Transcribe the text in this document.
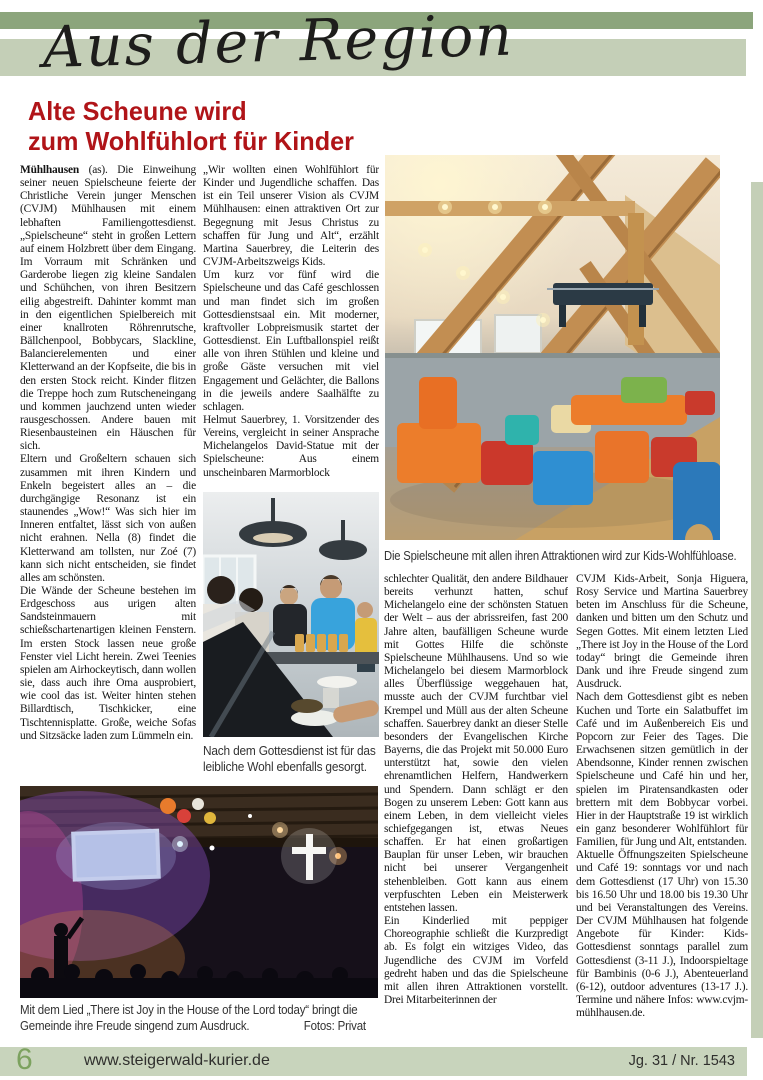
Aus der Region
Alte Scheune wird
zum Wohlfühlort für Kinder

Mühlhausen (as). Die Einweihung seiner neuen Spielscheune feierte der Christliche Verein junger Menschen (CVJM) Mühlhausen mit einem lebhaften Familiengottesdienst. „Spielscheune“ steht in großen Lettern auf einem Holzbrett über dem Eingang. Im Vorraum mit Schränken und Garderobe liegen zig kleine Sandalen und Schühchen, von ihren Besitzern eilig abgestreift. Dahinter kommt man in den eigentlichen Spielbereich mit einer knallroten Röhrenrutsche, Bällchenpool, Bobbycars, Slackline, Balancierelementen und einer Kletterwand an der Kopfseite, die bis in den ersten Stock reicht. Kinder flitzen die Treppe hoch zum Rutscheneingang und kommen jauchzend unten wieder rausgeschossen. Andere bauen mit Riesenbausteinen ein Häuschen für sich.

Eltern und Großeltern schauen sich zusammen mit ihren Kindern und Enkeln begeistert alles an – die durchgängige Resonanz ist ein staunendes „Wow!“ Was sich hier im Inneren entfaltet, lässt sich von außen nicht erahnen. Nella (8) findet die Kletterwand am tollsten, nur Zoé (7) kann sich nicht entscheiden, sie findet alles am schönsten.

Die Wände der Scheune bestehen im Erdgeschoss aus urigen alten Sandsteinmauern mit schießschartenartigen kleinen Fenstern. Im ersten Stock lassen neue große Fenster viel Licht herein. Zwei Teenies spielen am Airhockeytisch, dann wollen sie, dass auch ihre Oma ausprobiert, wie cool das ist. Weiter hinten stehen Billardtisch, Tischkicker, eine Tischtennisplatte. Große, weiche Sofas und Sitzsäcke laden zum Lümmeln ein.

„Wir wollten einen Wohlfühlort für Kinder und Jugendliche schaffen. Das ist ein Teil unserer Vision als CVJM Mühlhausen: einen attraktiven Ort zur Begegnung mit Jesus Christus zu schaffen für Jung und Alt“, erzählt Martina Sauerbrey, die Leiterin des CVJM-Arbeitszweigs Kids.

Um kurz vor fünf wird die Spielscheune und das Café geschlossen und man findet sich im großen Gottesdienstsaal ein. Mit moderner, kraftvoller Lobpreismusik startet der Gottesdienst. Ein Luftballonspiel reißt alle von ihren Stühlen und kleine und große Gäste versuchen mit viel Engagement und Gelächter, die Ballons in die jeweils andere Saalhälfte zu schlagen.

Helmut Sauerbrey, 1. Vorsitzender des Vereins, vergleicht in seiner Ansprache Michelangelos David-Statue mit der Spielscheune: Aus einem unscheinbaren Marmorblock

schlechter Qualität, den andere Bildhauer bereits verhunzt hatten, schuf Michelangelo eine der schönsten Statuen der Welt – aus der abrissreifen, fast 200 Jahre alten, baufälligen Scheune wurde mit Gottes Hilfe die schönste Spielscheune Mühlhausens. Und so wie Michelangelo bei diesem Marmorblock alles Überflüssige weggehauen hat, musste auch der CVJM furchtbar viel Krempel und Müll aus der alten Scheune schaffen. Sauerbrey dankt an dieser Stelle besonders der Evangelischen Kirche Bayerns, die das Projekt mit 50.000 Euro unterstützt hat, sowie den vielen ehrenamtlichen Helfern, Handwerkern und Spendern. Dann schlägt er den Bogen zu unserem Leben: Gott kann aus einem Leben, in dem vielleicht vieles schiefgegangen ist, etwas Neues schaffen. Er hat einen großartigen Bauplan für unser Leben, wir brauchen nicht bei unserer Vergangenheit stehenbleiben. Gott kann aus einem verpfuschten Leben ein Meisterwerk entstehen lassen.

Ein Kinderlied mit peppiger Choreographie schließt die Kurzpredigt ab. Es folgt ein witziges Video, das Jugendliche des CVJM im Vorfeld gedreht haben und das die Spielscheune mit allen ihren Attraktionen vorstellt. Drei Mitarbeiterinnen der

CVJM Kids-Arbeit, Sonja Higuera, Rosy Service und Martina Sauerbrey beten im Anschluss für die Scheune, danken und bitten um den Schutz und Segen Gottes. Mit einem letzten Lied „There ist Joy in the House of the Lord today“ bringt die Gemeinde ihren Dank und ihre Freude singend zum Ausdruck.

Nach dem Gottesdienst gibt es neben Kuchen und Torte ein Salatbuffet im Café und im Außenbereich Eis und Popcorn zur Feier des Tages. Die Erwachsenen sitzen gemütlich in der Abendsonne, Kinder rennen zwischen Spielscheune und Café hin und her, spielen im Piratensandkasten oder brettern mit dem Bobbycar vorbei. Hier in der Hauptstraße 19 ist wirklich ein ganz besonderer Wohlfühlort für Familien, für Jung und Alt, entstanden.

Aktuelle Öffnungszeiten Spielscheune und Café 19: sonntags vor und nach dem Gottesdienst (17 Uhr) von 15.30 bis 16.50 Uhr und 18.00 bis 19.30 Uhr und bei Veranstaltungen des Vereins. Der CVJM Mühlhausen hat folgende Angebote für Kinder: Kids-Gottesdienst sonntags parallel zum Gottesdienst (3-11 J.), Indoorspieltage für Bambinis (0-6 J.), Abenteuerland (6-12), outdoor adventures (13-17 J.). Termine und nähere Infos: www.cvjm-mühlhausen.de.

Die Spielscheune mit allen ihren Attraktionen wird zur Kids-Wohlfühloase.
Nach dem Gottesdienst ist für das leibliche Wohl ebenfalls gesorgt.
Mit dem Lied „There ist Joy in the House of the Lord today“ bringt die Gemeinde ihre Freude singend zum Ausdruck.	Fotos: Privat
6	www.steigerwald-kurier.de	Jg. 31 / Nr. 1543
